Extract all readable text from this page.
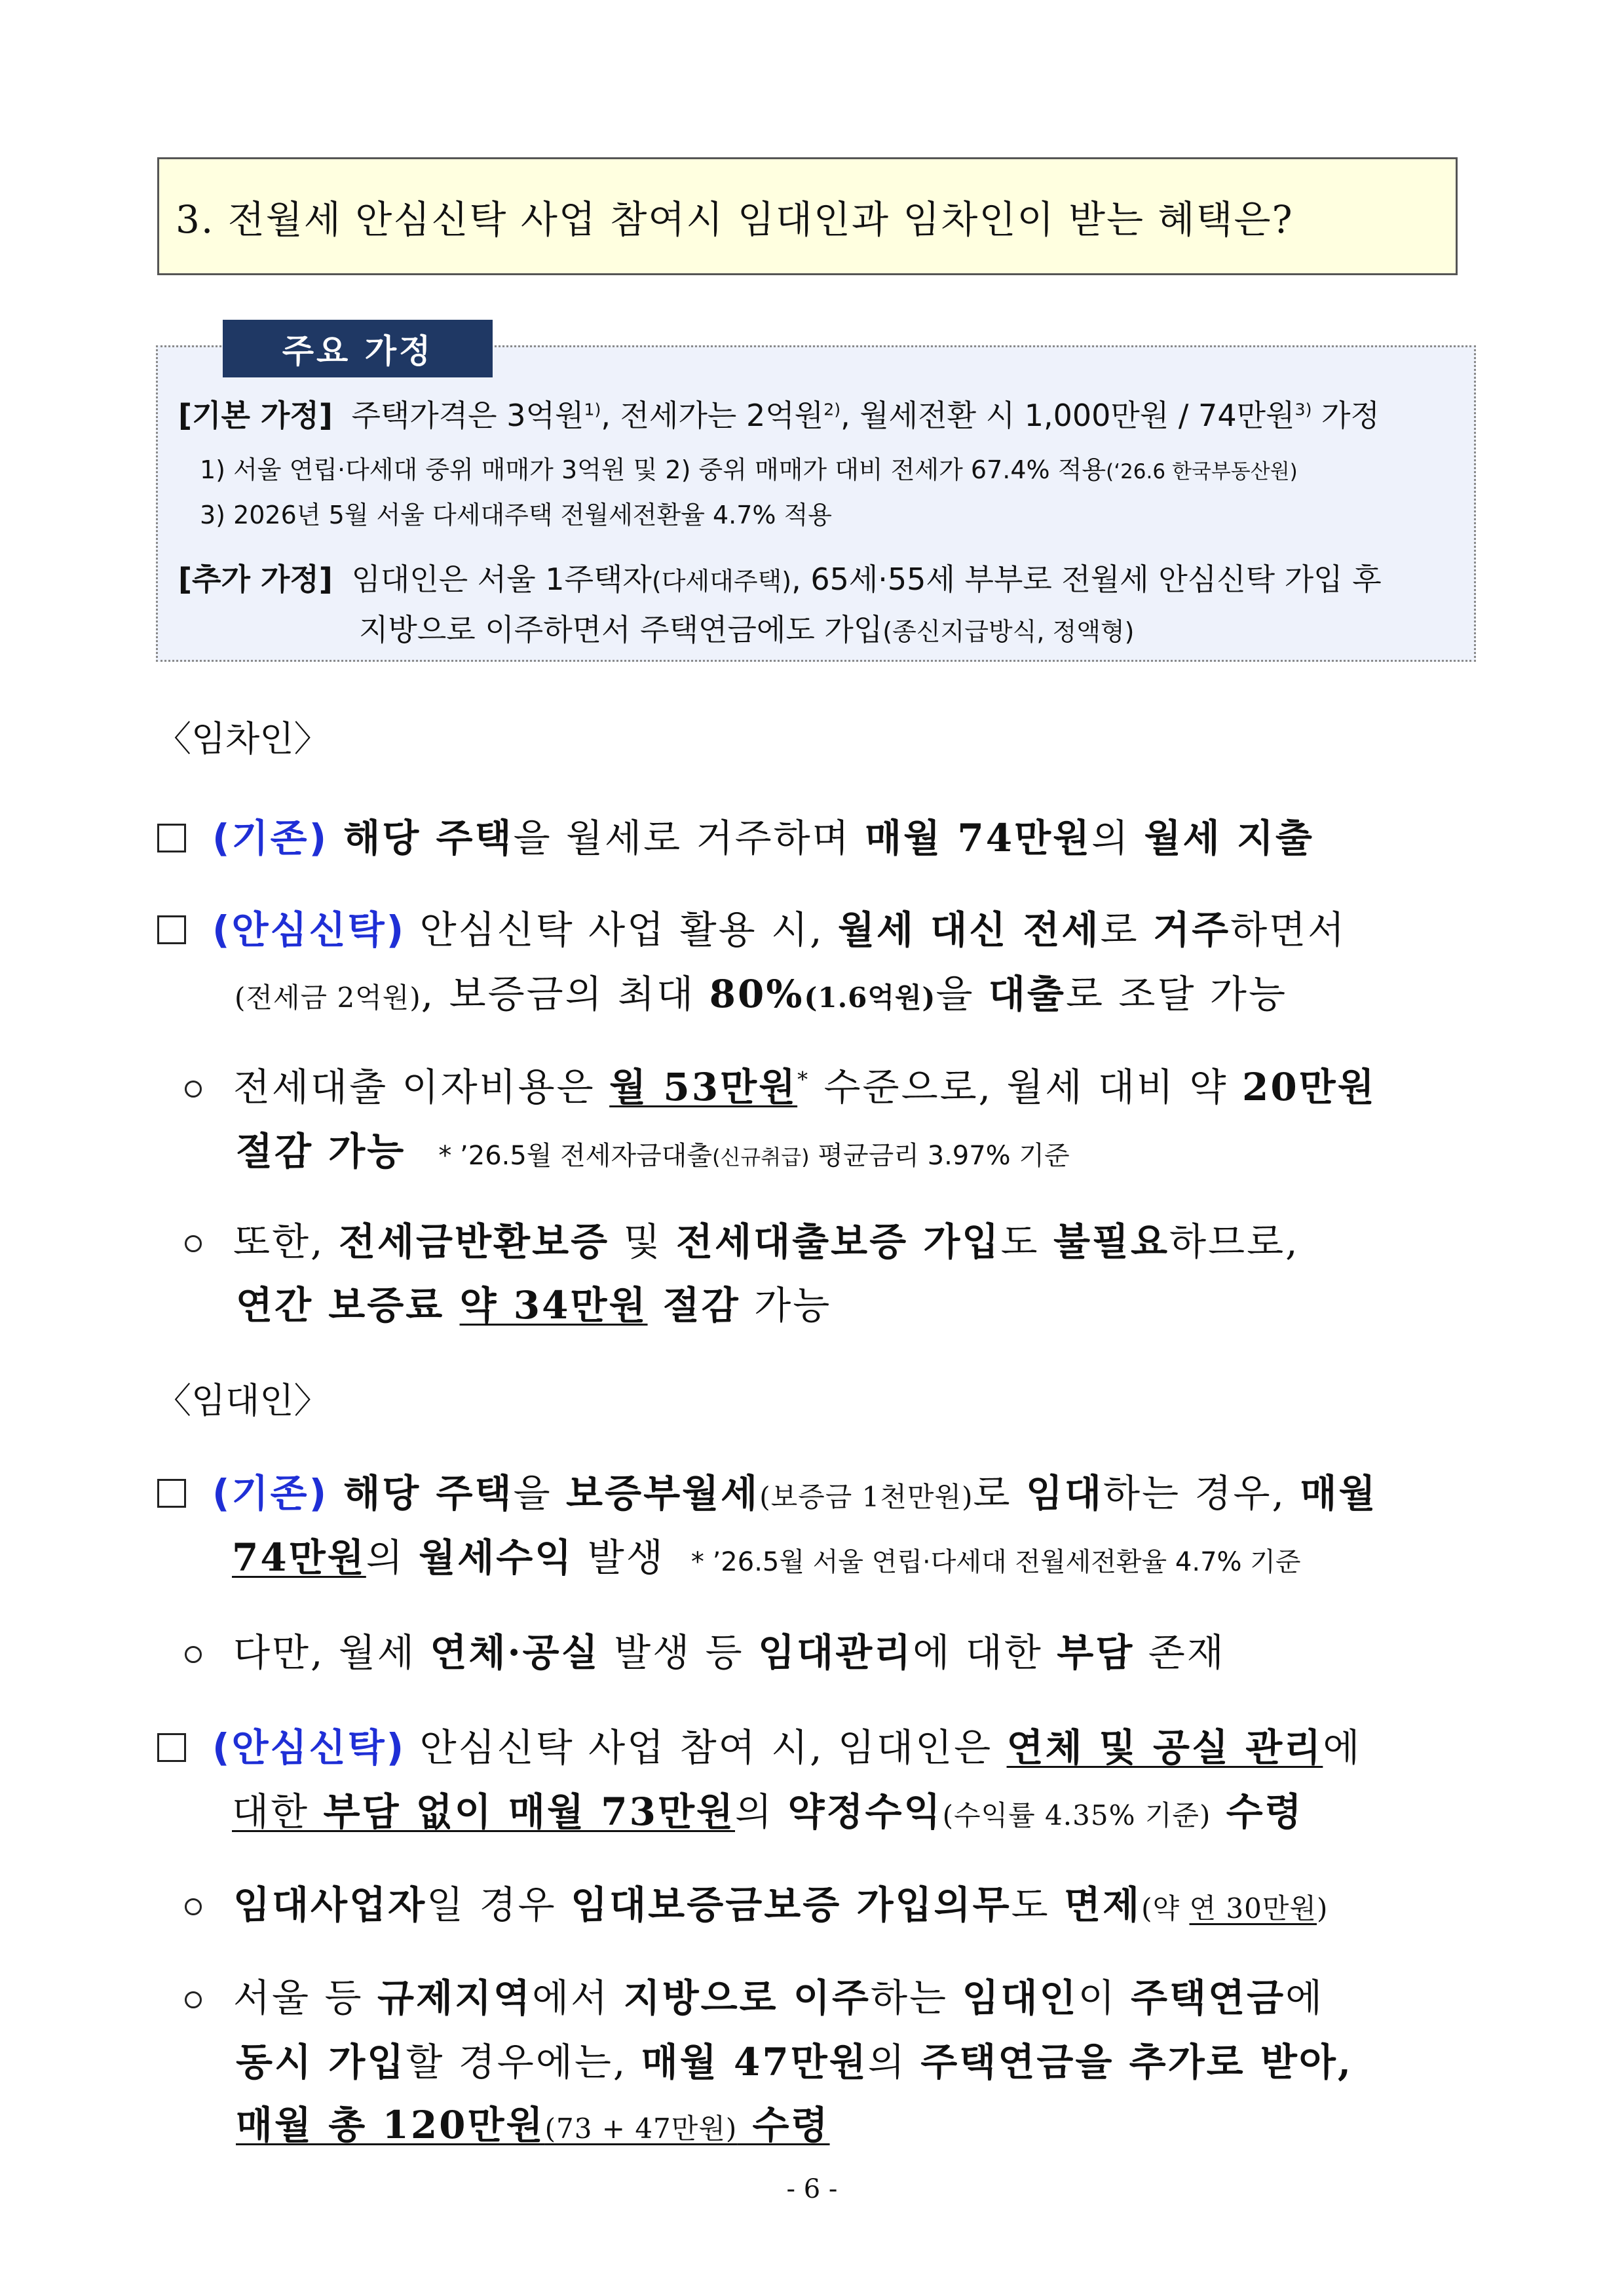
3. 전월세 안심신탁 사업 참여시 임대인과 임차인이 받는 혜택은?
주요 가정
[기본 가정] 주택가격은 3억원$^{1)}$, 전세가는 2억원$^{2)}$, 월세전환 시 1,000만원 / 74만원$^{3)}$ 가정
1) 서울 연립·다세대 중위 매매가 3억원 및 2) 중위 매매가 대비 전세가 67.4% 적용(‘26.6 한국부동산원)
3) 2026년 5월 서울 다세대주택 전월세전환율 4.7% 적용
[추가 가정] 임대인은 서울 1주택자(다세대주택), 65세·55세 부부로 전월세 안심신탁 가입 후
지방으로 이주하면서 주택연금에도 가입(종신지급방식, 정액형)
〈임차인〉
(기존) 해당 주택을 월세로 거주하며 매월 74만원의 월세 지출
(안심신탁) 안심신탁 사업 활용 시, 월세 대신 전세로 거주하면서
(전세금 2억원), 보증금의 최대 80%(1.6억원)을 대출로 조달 가능
전세대출 이자비용은 월 53만원* 수준으로, 월세 대비 약 20만원
절감 가능 * ’26.5월 전세자금대출(신규취급) 평균금리 3.97% 기준
또한, 전세금반환보증 및 전세대출보증 가입도 불필요하므로,
연간 보증료 약 34만원 절감 가능
〈임대인〉
(기존) 해당 주택을 보증부월세(보증금 1천만원)로 임대하는 경우, 매월
74만원의 월세수익 발생 * ’26.5월 서울 연립·다세대 전월세전환율 4.7% 기준
다만, 월세 연체·공실 발생 등 임대관리에 대한 부담 존재
(안심신탁) 안심신탁 사업 참여 시, 임대인은 연체 및 공실 관리에
대한 부담 없이 매월 73만원의 약정수익(수익률 4.35% 기준) 수령
임대사업자일 경우 임대보증금보증 가입의무도 면제(약 연 30만원)
서울 등 규제지역에서 지방으로 이주하는 임대인이 주택연금에
동시 가입할 경우에는, 매월 47만원의 주택연금을 추가로 받아,
매월 총 120만원(73 + 47만원) 수령
- 6 -
